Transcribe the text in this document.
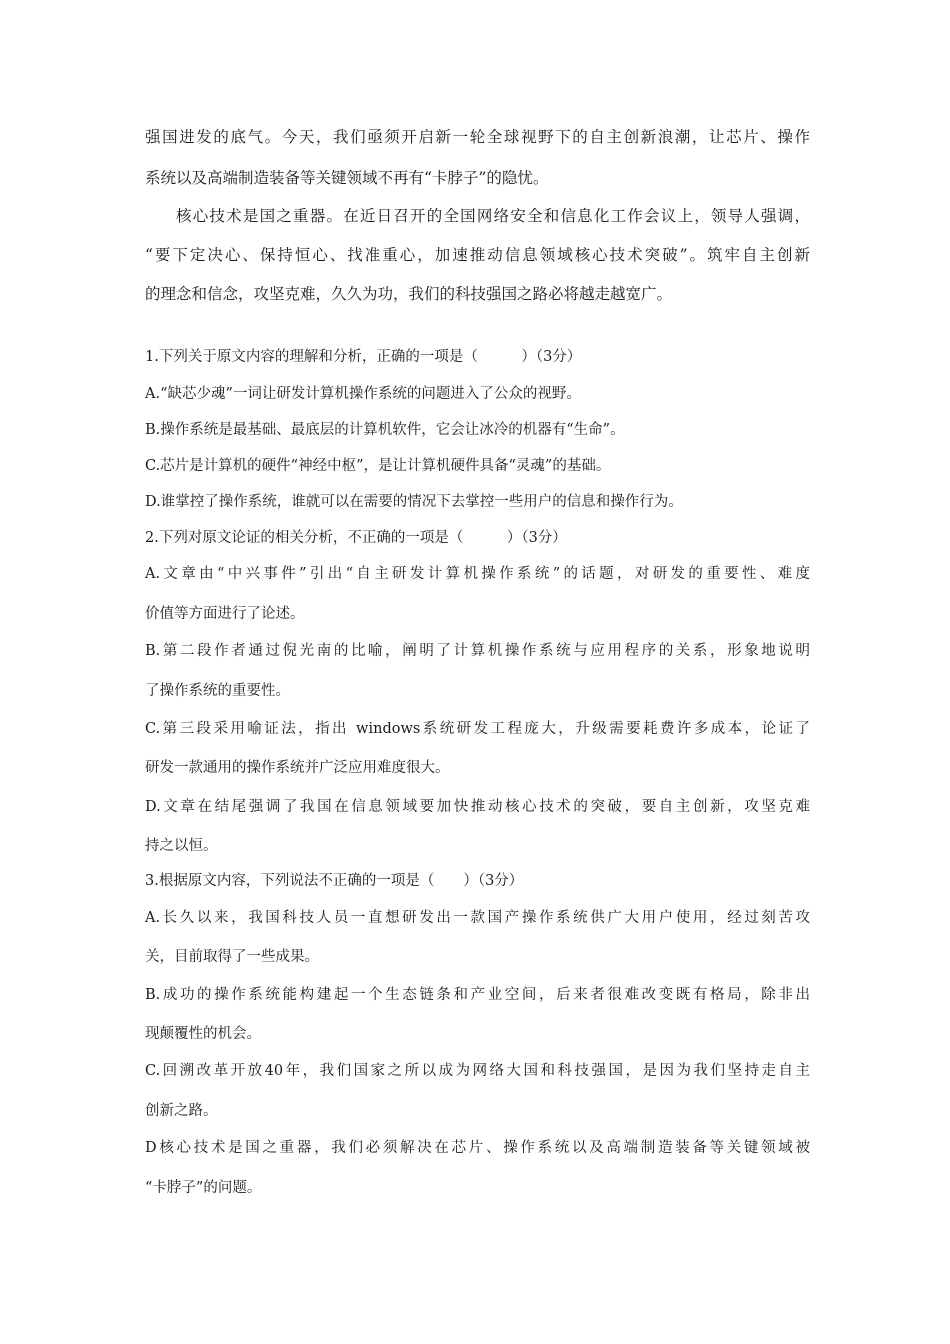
强国进发的底气。今天，我们亟须开启新一轮全球视野下的自主创新浪潮，让芯片、操作
系统以及高端制造装备等关键领域不再有“卡脖子”的隐忧。
核心技术是国之重器。在近日召开的全国网络安全和信息化工作会议上，领导人强调，
“要下定决心、保持恒心、找准重心，加速推动信息领域核心技术突破”。筑牢自主创新
的理念和信念，攻坚克难，久久为功，我们的科技强国之路必将越走越宽广。
1.下列关于原文内容的理解和分析，正确的一项是（　　　）（3分）
A.“缺芯少魂”一词让研发计算机操作系统的问题进入了公众的视野。
B.操作系统是最基础、最底层的计算机软件，它会让冰冷的机器有“生命”。
C.芯片是计算机的硬件“神经中枢”，是让计算机硬件具备“灵魂”的基础。
D.谁掌控了操作系统，谁就可以在需要的情况下去掌控一些用户的信息和操作行为。
2.下列对原文论证的相关分析，不正确的一项是（　　　）（3分）
A.文章由“中兴事件”引出“自主研发计算机操作系统”的话题，对研发的重要性、难度
价值等方面进行了论述。
B.第二段作者通过倪光南的比喻，阐明了计算机操作系统与应用程序的关系，形象地说明
了操作系统的重要性。
C.第三段采用喻证法，指出 windows系统研发工程庞大，升级需要耗费许多成本，论证了
研发一款通用的操作系统并广泛应用难度很大。
D.文章在结尾强调了我国在信息领域要加快推动核心技术的突破，要自主创新，攻坚克难
持之以恒。
3.根据原文内容，下列说法不正确的一项是（　　）（3分）
A.长久以来，我国科技人员一直想研发出一款国产操作系统供广大用户使用，经过刻苦攻
关，目前取得了一些成果。
B.成功的操作系统能构建起一个生态链条和产业空间，后来者很难改变既有格局，除非出
现颠覆性的机会。
C.回溯改革开放40年，我们国家之所以成为网络大国和科技强国，是因为我们坚持走自主
创新之路。
D核心技术是国之重器，我们必须解决在芯片、操作系统以及高端制造装备等关键领域被
“卡脖子”的问题。
